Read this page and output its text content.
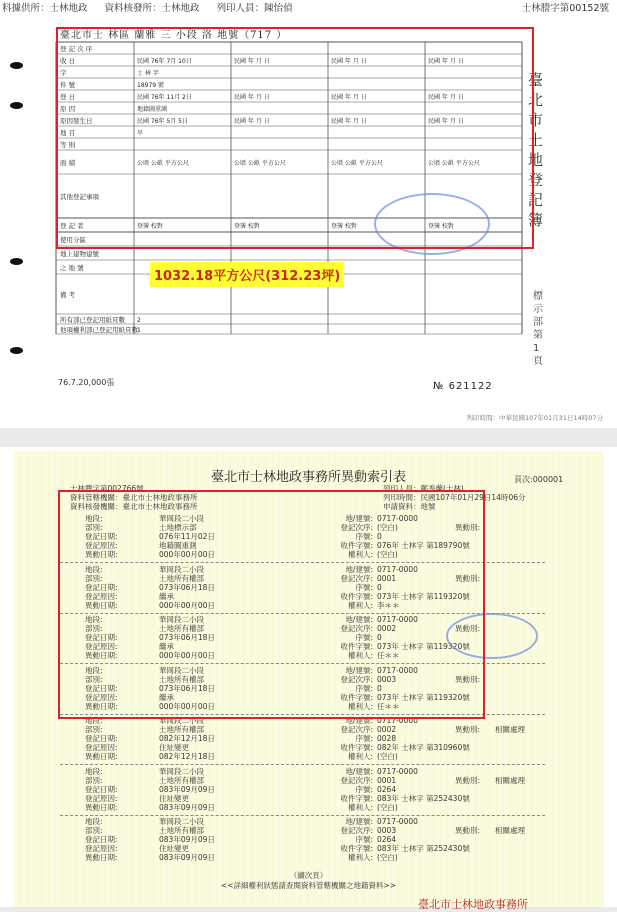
料據供所：士林地政 資料核發所：士林地政 列印人員：陳怡偵	士林謄字第00152號
臺北市士 林區 蘭雅 三 小段 洛 地號（717 ）
登 記 次 序
收 日	民國 76年 7月 10日	民國 年 月 日	民國 年 月 日	民國 年 月 日
字	士 林 字
件 號	18979 號
登 日	民國 76年 11月 2日	民國 年 月 日	民國 年 月 日	民國 年 月 日
原 因	地籍圖重測
原因發生日	民國 76年 5月 5日	民國 年 月 日	民國 年 月 日	民國 年 月 日
地 目	旱
等 則
面 積	公頃 公畝 平方公尺	公頃 公畝 平方公尺	公頃 公畝 平方公尺	公頃 公畝 平方公尺
其他登記事項
登 記 者	登簿 校對	登簿 校對	登簿 校對	登簿 校對
使用分區
地上建物建號
之 地 號
備 考
所有部已登記用紙頁數 2
他項權利部已登記用紙頁數 1
臺北市土地登記簿
標示部第 1 頁
1032.18平方公尺(312.23坪)
76.7.20,000張	№ 621122
列印時間：中華民國107年01月31日14時07分
臺北市士林地政事務所異動索引表	頁次:000001
士林謄字第002766號
資料管轄機關：臺北市士林地政事務所
資料核發機關：臺北市士林地政事務所
列印人員：鄭秀蘭(士林)
列印時間：民國107年01月29日14時06分
申請資料：地號
地段:	華岡段二小段
部別:	土地標示部
登記日期:	076年11月02日
登記原因:	地籍圖重測
異動日期:	000年00月00日
地/建號: 0717-0000
登記次序: (空白)
序號: 0
收件字號: 076年 士林字 第189790號
權利人: (空白)
異動別:
地段:	華岡段二小段
部別:	土地所有權部
登記日期:	073年06月18日
登記原因:	繼承
異動日期:	000年00月00日
地/建號: 0717-0000
登記次序: 0001
序號: 0
收件字號: 073年 士林字 第119320號
權利人: 李＊＊
異動別:
地段:	華岡段二小段
部別:	土地所有權部
登記日期:	073年06月18日
登記原因:	繼承
異動日期:	000年00月00日
地/建號: 0717-0000
登記次序: 0002
序號: 0
收件字號: 073年 士林字 第119320號
權利人: 任＊＊
異動別:
地段:	華岡段二小段
部別:	土地所有權部
登記日期:	073年06月18日
登記原因:	繼承
異動日期:	000年00月00日
地/建號: 0717-0000
登記次序: 0003
序號: 0
收件字號: 073年 士林字 第119320號
權利人: 任＊＊
異動別:
地段:	華岡段二小段
部別:	土地所有權部
登記日期:	082年12月18日
登記原因:	住址變更
異動日期:	082年12月18日
地/建號: 0717-0000
登記次序: 0002
序號: 0028
收件字號: 082年 士林字 第310960號
權利人: (空白)
異動別: 相關處理
地段:	華岡段二小段
部別:	土地所有權部
登記日期:	083年09月09日
登記原因:	住址變更
異動日期:	083年09月09日
地/建號: 0717-0000
登記次序: 0001
序號: 0264
收件字號: 083年 士林字 第252430號
權利人: (空白)
異動別: 相關處理
地段:	華岡段二小段
部別:	土地所有權部
登記日期:	083年09月09日
登記原因:	住址變更
異動日期:	083年09月09日
地/建號: 0717-0000
登記次序: 0003
序號: 0264
收件字號: 083年 士林字 第252430號
權利人: (空白)
異動別: 相關處理
（續次頁）
<<詳細權利狀態請查閱資料管轄機關之地籍資料>>
臺北市士林地政事務所
